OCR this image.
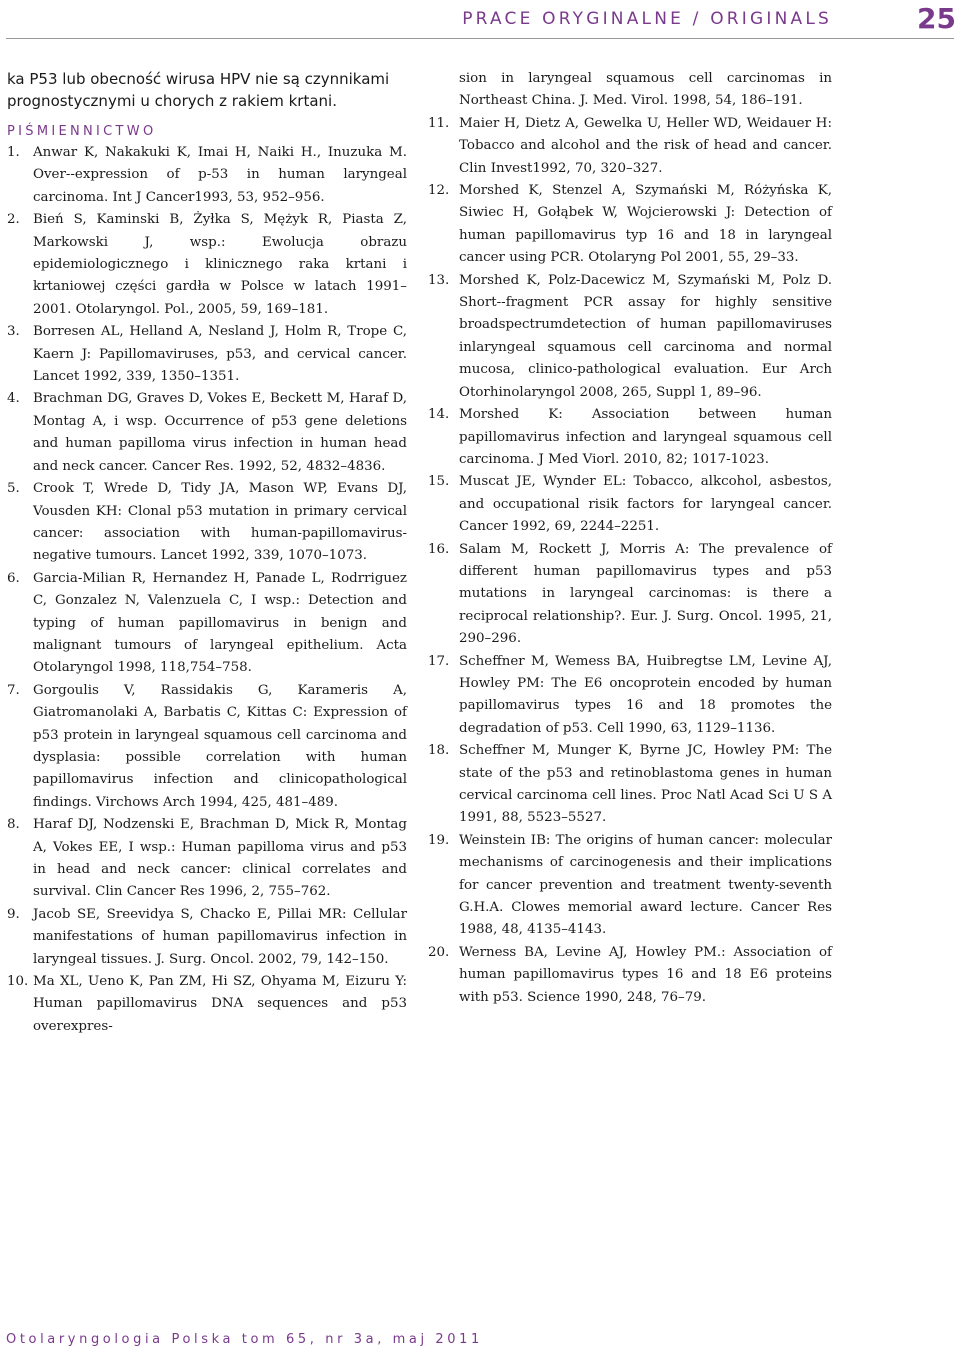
PRACE ORYGINALNE / ORIGINALS	25
ka P53 lub obecność wirusa HPV nie są czynnikami prognostycznymi u chorych z rakiem krtani.
PIŚMIENNICTWO
1. Anwar K, Nakakuki K, Imai H, Naiki H., Inuzuka M. Over--expression of p-53 in human laryngeal carcinoma. Int J Cancer1993, 53, 952–956.
2. Bień S, Kaminski B, Żyłka S, Mężyk R, Piasta Z, Markowski J, wsp.: Ewolucja obrazu epidemiologicznego i klinicznego raka krtani i krtaniowej części gardła w Polsce w latach 1991–2001. Otolaryngol. Pol., 2005, 59, 169–181.
3. Borresen AL, Helland A, Nesland J, Holm R, Trope C, Kaern J: Papillomaviruses, p53, and cervical cancer. Lancet 1992, 339, 1350–1351.
4. Brachman DG, Graves D, Vokes E, Beckett M, Haraf D, Montag A, i wsp. Occurrence of p53 gene deletions and human papilloma virus infection in human head and neck cancer. Cancer Res. 1992, 52, 4832–4836.
5. Crook T, Wrede D, Tidy JA, Mason WP, Evans DJ, Vousden KH: Clonal p53 mutation in primary cervical cancer: association with human-papillomavirus-negative tumours. Lancet 1992, 339, 1070–1073.
6. Garcia-Milian R, Hernandez H, Panade L, Rodrriguez C, Gonzalez N, Valenzuela C, I wsp.: Detection and typing of human papillomavirus in benign and malignant tumours of laryngeal epithelium. Acta Otolaryngol 1998, 118,754–758.
7. Gorgoulis V, Rassidakis G, Karameris A, Giatromanolaki A, Barbatis C, Kittas C: Expression of p53 protein in laryngeal squamous cell carcinoma and dysplasia: possible correlation with human papillomavirus infection and clinicopathological findings. Virchows Arch 1994, 425, 481–489.
8. Haraf DJ, Nodzenski E, Brachman D, Mick R, Montag A, Vokes EE, I wsp.: Human papilloma virus and p53 in head and neck cancer: clinical correlates and survival. Clin Cancer Res 1996, 2, 755–762.
9. Jacob SE, Sreevidya S, Chacko E, Pillai MR: Cellular manifestations of human papillomavirus infection in laryngeal tissues. J. Surg. Oncol. 2002, 79, 142–150.
10. Ma XL, Ueno K, Pan ZM, Hi SZ, Ohyama M, Eizuru Y: Human papillomavirus DNA sequences and p53 overexpres-
sion in laryngeal squamous cell carcinomas in Northeast China. J. Med. Virol. 1998, 54, 186–191.
11. Maier H, Dietz A, Gewelka U, Heller WD, Weidauer H: Tobacco and alcohol and the risk of head and cancer. Clin Invest1992, 70, 320–327.
12. Morshed K, Stenzel A, Szymański M, Różyńska K, Siwiec H, Gołąbek W, Wojcierowski J: Detection of human papillomavirus typ 16 and 18 in laryngeal cancer using PCR. Otolaryng Pol 2001, 55, 29–33.
13. Morshed K, Polz-Dacewicz M, Szymański M, Polz D. Short--fragment PCR assay for highly sensitive broadspectrumdetection of human papillomaviruses inlaryngeal squamous cell carcinoma and normal mucosa, clinico-pathological evaluation. Eur Arch Otorhinolaryngol 2008, 265, Suppl 1, 89–96.
14. Morshed K: Association between human papillomavirus infection and laryngeal squamous cell carcinoma. J Med Viorl. 2010, 82; 1017-1023.
15. Muscat JE, Wynder EL: Tobacco, alkcohol, asbestos, and occupational risik factors for laryngeal cancer. Cancer 1992, 69, 2244–2251.
16. Salam M, Rockett J, Morris A: The prevalence of different human papillomavirus types and p53 mutations in laryngeal carcinomas: is there a reciprocal relationship?. Eur. J. Surg. Oncol. 1995, 21, 290–296.
17. Scheffner M, Wemess BA, Huibregtse LM, Levine AJ, Howley PM: The E6 oncoprotein encoded by human papillomavirus types 16 and 18 promotes the degradation of p53. Cell 1990, 63, 1129–1136.
18. Scheffner M, Munger K, Byrne JC, Howley PM: The state of the p53 and retinoblastoma genes in human cervical carcinoma cell lines. Proc Natl Acad Sci U S A 1991, 88, 5523–5527.
19. Weinstein IB: The origins of human cancer: molecular mechanisms of carcinogenesis and their implications for cancer prevention and treatment twenty-seventh G.H.A. Clowes memorial award lecture. Cancer Res 1988, 48, 4135–4143.
20. Werness BA, Levine AJ, Howley PM.: Association of human papillomavirus types 16 and 18 E6 proteins with p53. Science 1990, 248, 76–79.
Otolaryngologia Polska tom 65, nr 3a, maj 2011
